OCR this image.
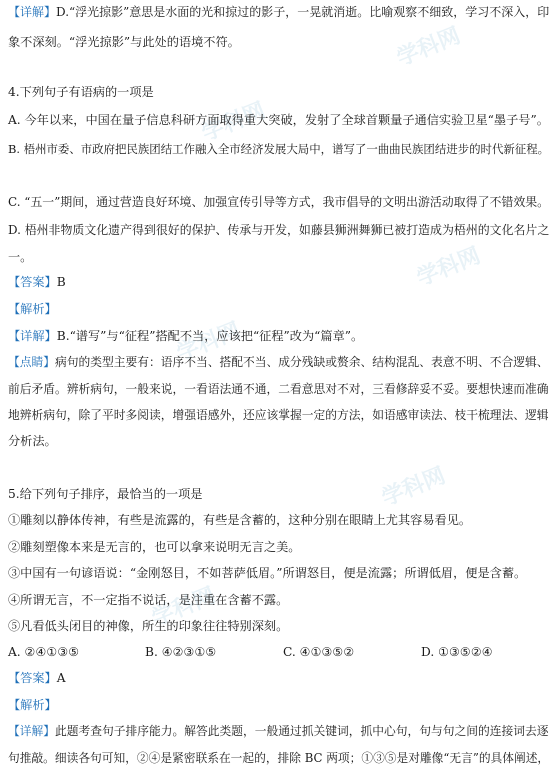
学科网
学科网
学科网
学科网
学科网
学科网
【详解】D.“浮光掠影”意思是水面的光和掠过的影子，一晃就消逝。比喻观察不细致，学习不深入，印
象不深刻。“浮光掠影”与此处的语境不符。
4.下列句子有语病的一项是
A. 今年以来，中国在量子信息科研方面取得重大突破，发射了全球首颗量子通信实验卫星“墨子号”。
B. 梧州市委、市政府把民族团结工作融入全市经济发展大局中，谱写了一曲曲民族团结进步的时代新征程。
C. “五一”期间，通过营造良好环境、加强宣传引导等方式，我市倡导的文明出游活动取得了不错效果。
D. 梧州非物质文化遗产得到很好的保护、传承与开发，如藤县狮洲舞狮已被打造成为梧州的文化名片之
一。
【答案】B
【解析】
【详解】B.“谱写”与“征程”搭配不当，应该把“征程”改为“篇章”。
【点睛】病句的类型主要有：语序不当、搭配不当、成分残缺或赘余、结构混乱、表意不明、不合逻辑、
前后矛盾。辨析病句，一般来说，一看语法通不通，二看意思对不对，三看修辞妥不妥。要想快速而准确
地辨析病句，除了平时多阅读，增强语感外，还应该掌握一定的方法，如语感审读法、枝干梳理法、逻辑
分析法。
5.给下列句子排序，最恰当的一项是
①雕刻以静体传神，有些是流露的，有些是含蓄的，这种分别在眼睛上尤其容易看见。
②雕刻塑像本来是无言的，也可以拿来说明无言之美。
③中国有一句谚语说：“金刚怒目，不如菩萨低眉。”所谓怒目，便是流露；所谓低眉，便是含蓄。
④所谓无言，不一定指不说话，是注重在含蓄不露。
⑤凡看低头闭目的神像，所生的印象往往特别深刻。
A. ②④①③⑤	B. ④②③①⑤	C. ④①③⑤②	D. ①③⑤②④
【答案】A
【解析】
【详解】此题考查句子排序能力。解答此类题，一般通过抓关键词，抓中心句，句与句之间的连接词去逐
句推敲。细读各句可知，②④是紧密联系在一起的，排除 BC 两项；①③⑤是对雕像“无言”的具体阐述，
